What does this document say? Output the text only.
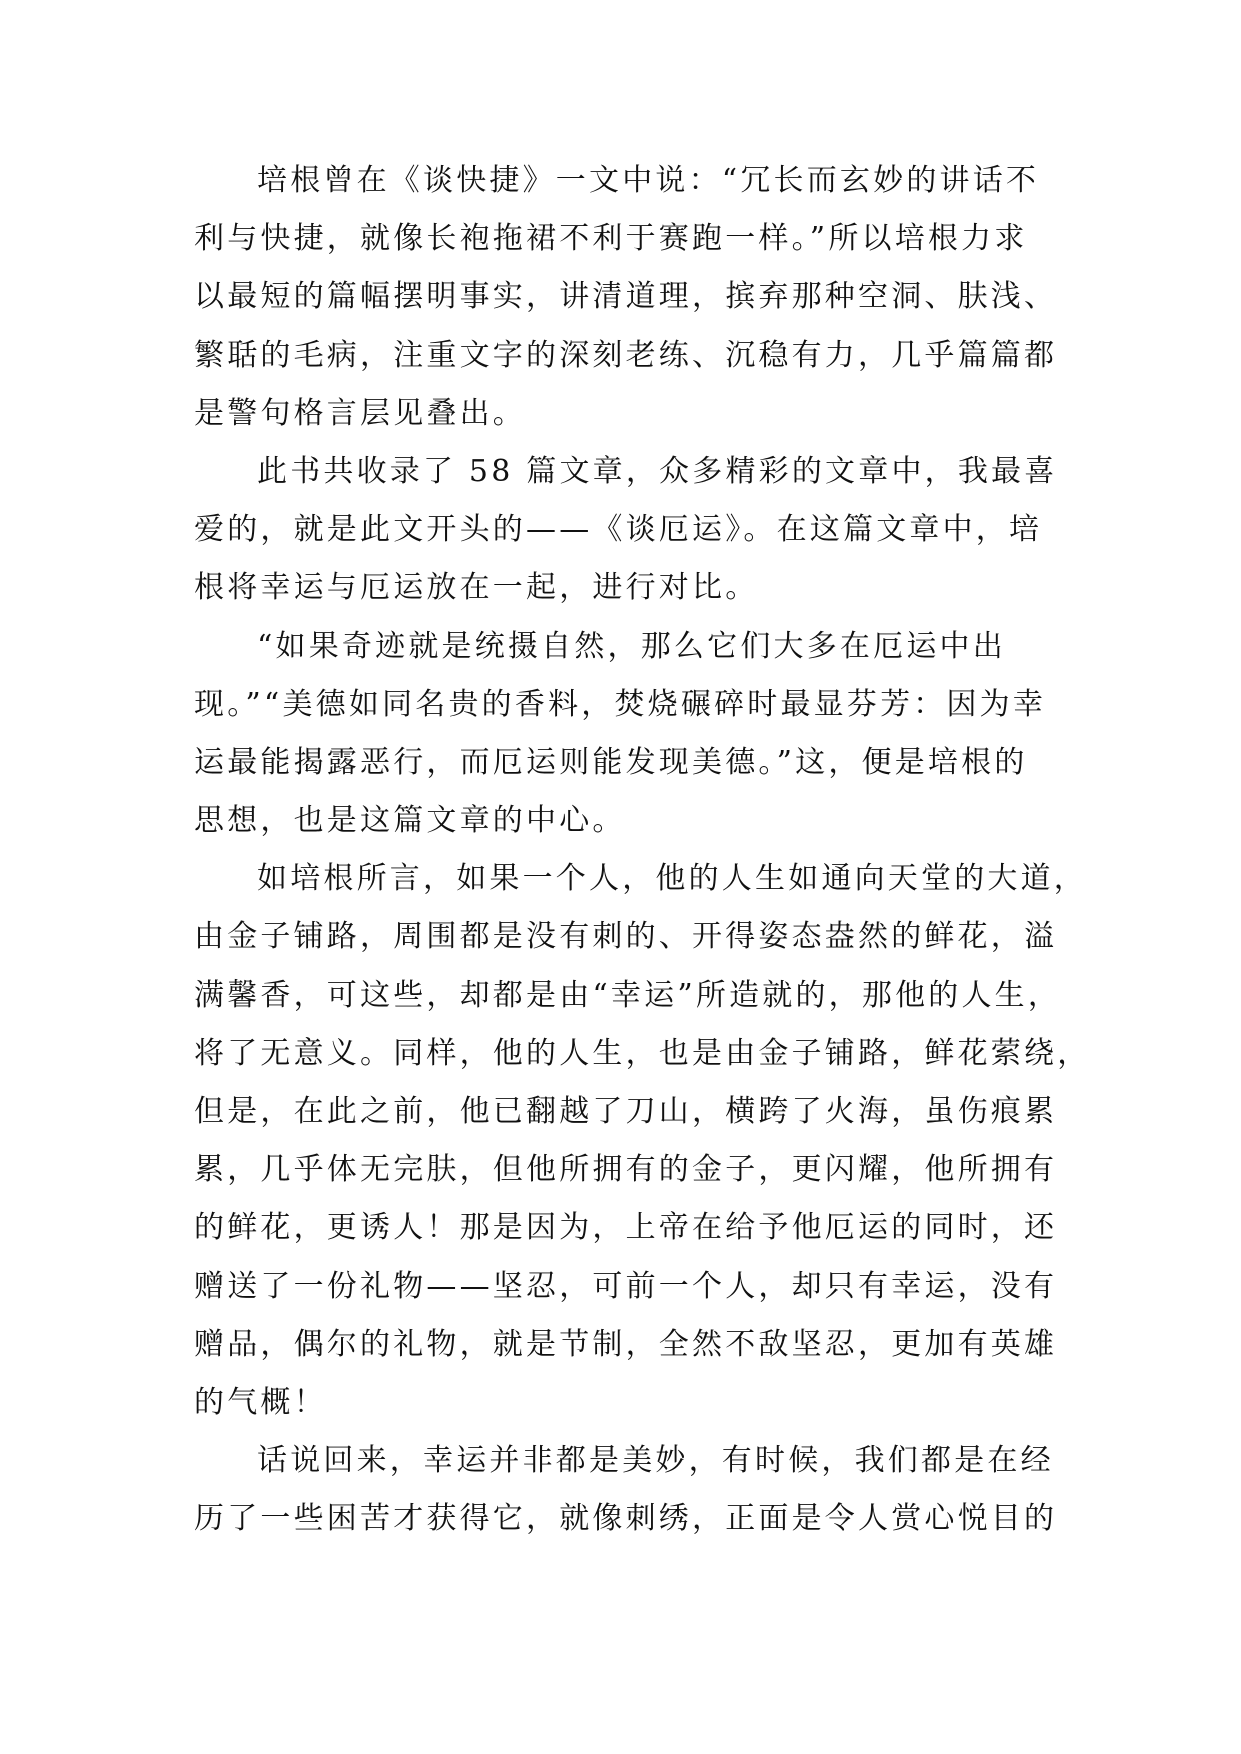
培根曾在《谈快捷》一文中说：“冗长而玄妙的讲话不
利与快捷，就像长袍拖裙不利于赛跑一样。”所以培根力求
以最短的篇幅摆明事实，讲清道理，摈弃那种空洞、肤浅、
繁聒的毛病，注重文字的深刻老练、沉稳有力，几乎篇篇都
是警句格言层见叠出。
此书共收录了 58 篇文章，众多精彩的文章中，我最喜
爱的，就是此文开头的——《谈厄运》。在这篇文章中，培
根将幸运与厄运放在一起，进行对比。
“如果奇迹就是统摄自然，那么它们大多在厄运中出
现。”“美德如同名贵的香料，焚烧碾碎时最显芬芳：因为幸
运最能揭露恶行，而厄运则能发现美德。”这，便是培根的
思想，也是这篇文章的中心。
如培根所言，如果一个人，他的人生如通向天堂的大道，
由金子铺路，周围都是没有刺的、开得姿态盎然的鲜花，溢
满馨香，可这些，却都是由“幸运”所造就的，那他的人生，
将了无意义。同样，他的人生，也是由金子铺路，鲜花萦绕，
但是，在此之前，他已翻越了刀山，横跨了火海，虽伤痕累
累，几乎体无完肤，但他所拥有的金子，更闪耀，他所拥有
的鲜花，更诱人！那是因为，上帝在给予他厄运的同时，还
赠送了一份礼物——坚忍，可前一个人，却只有幸运，没有
赠品，偶尔的礼物，就是节制，全然不敌坚忍，更加有英雄
的气概！
话说回来，幸运并非都是美妙，有时候，我们都是在经
历了一些困苦才获得它，就像刺绣，正面是令人赏心悦目的
